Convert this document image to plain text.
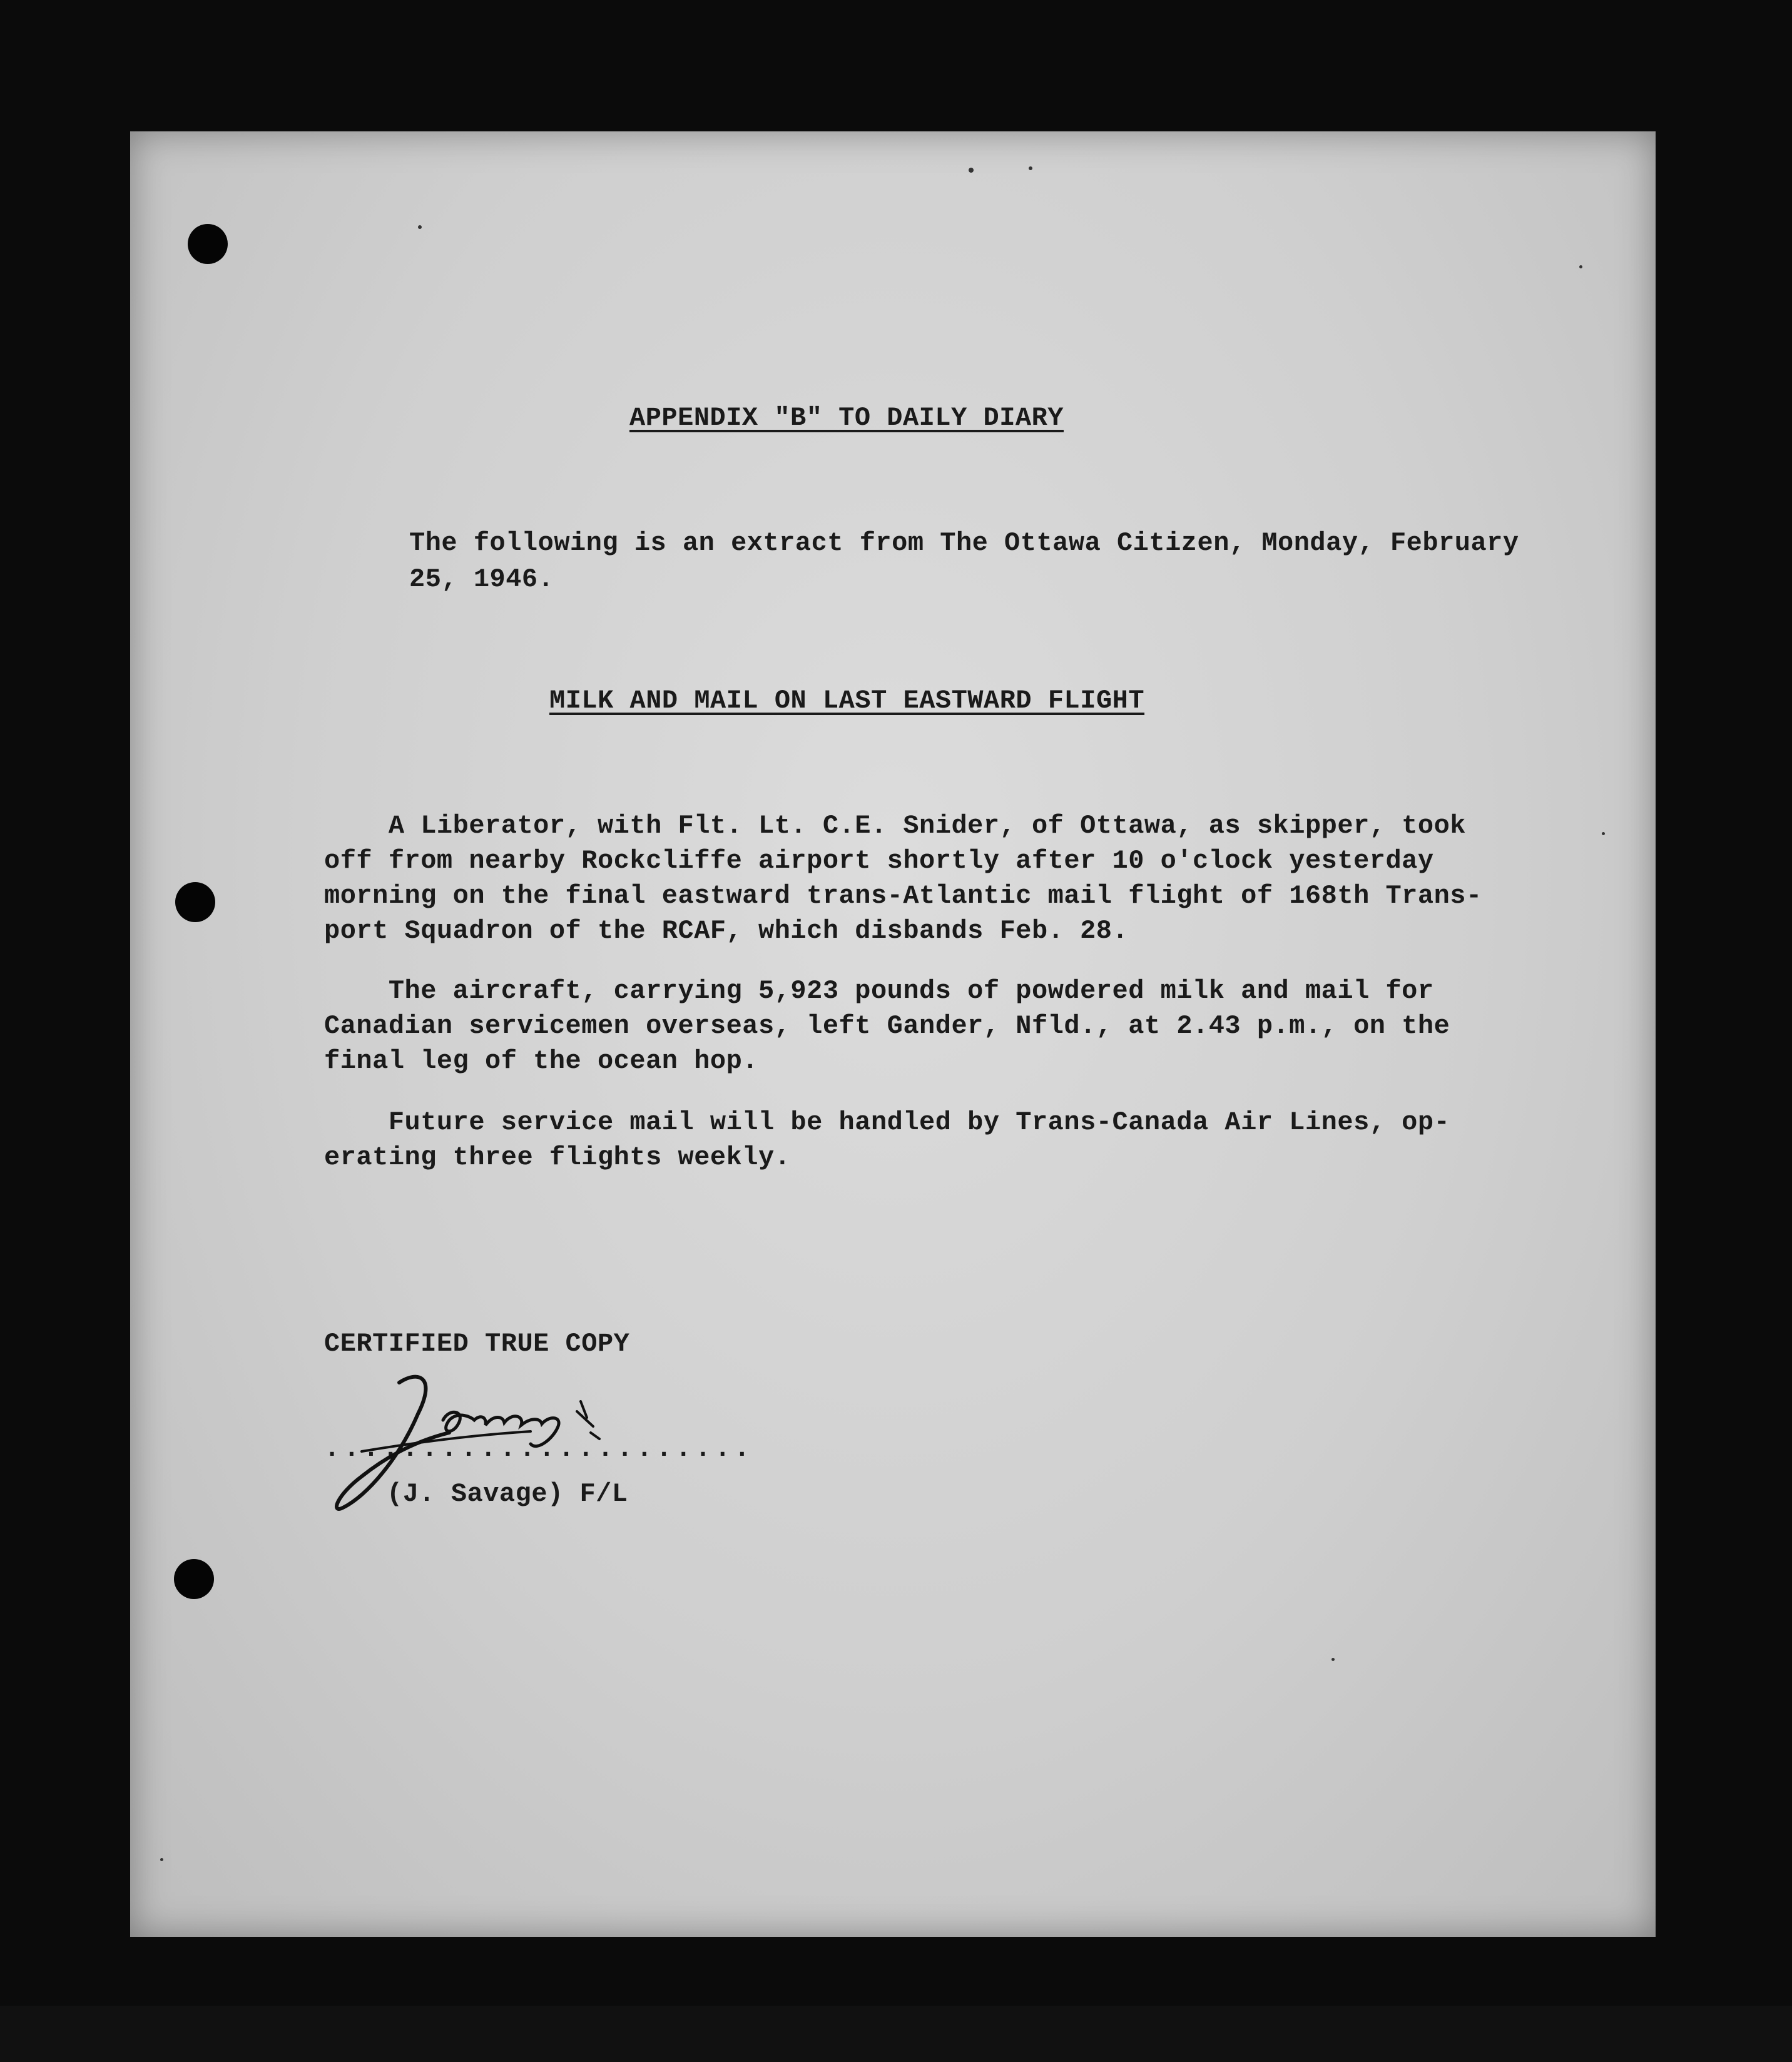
APPENDIX "B" TO DAILY DIARY
The following is an extract from The Ottawa Citizen, Monday, February
25, 1946.
MILK AND MAIL ON LAST EASTWARD FLIGHT
A Liberator, with Flt. Lt. C.E. Snider, of Ottawa, as skipper, took
off from nearby Rockcliffe airport shortly after 10 o'clock yesterday
morning on the final eastward trans-Atlantic mail flight of 168th Trans-
port Squadron of the RCAF, which disbands Feb. 28.
The aircraft, carrying 5,923 pounds of powdered milk and mail for
Canadian servicemen overseas, left Gander, Nfld., at 2.43 p.m., on the
final leg of the ocean hop.
Future service mail will be handled by Trans-Canada Air Lines, op-
erating three flights weekly.
CERTIFIED TRUE COPY
......................
(J. Savage) F/L
